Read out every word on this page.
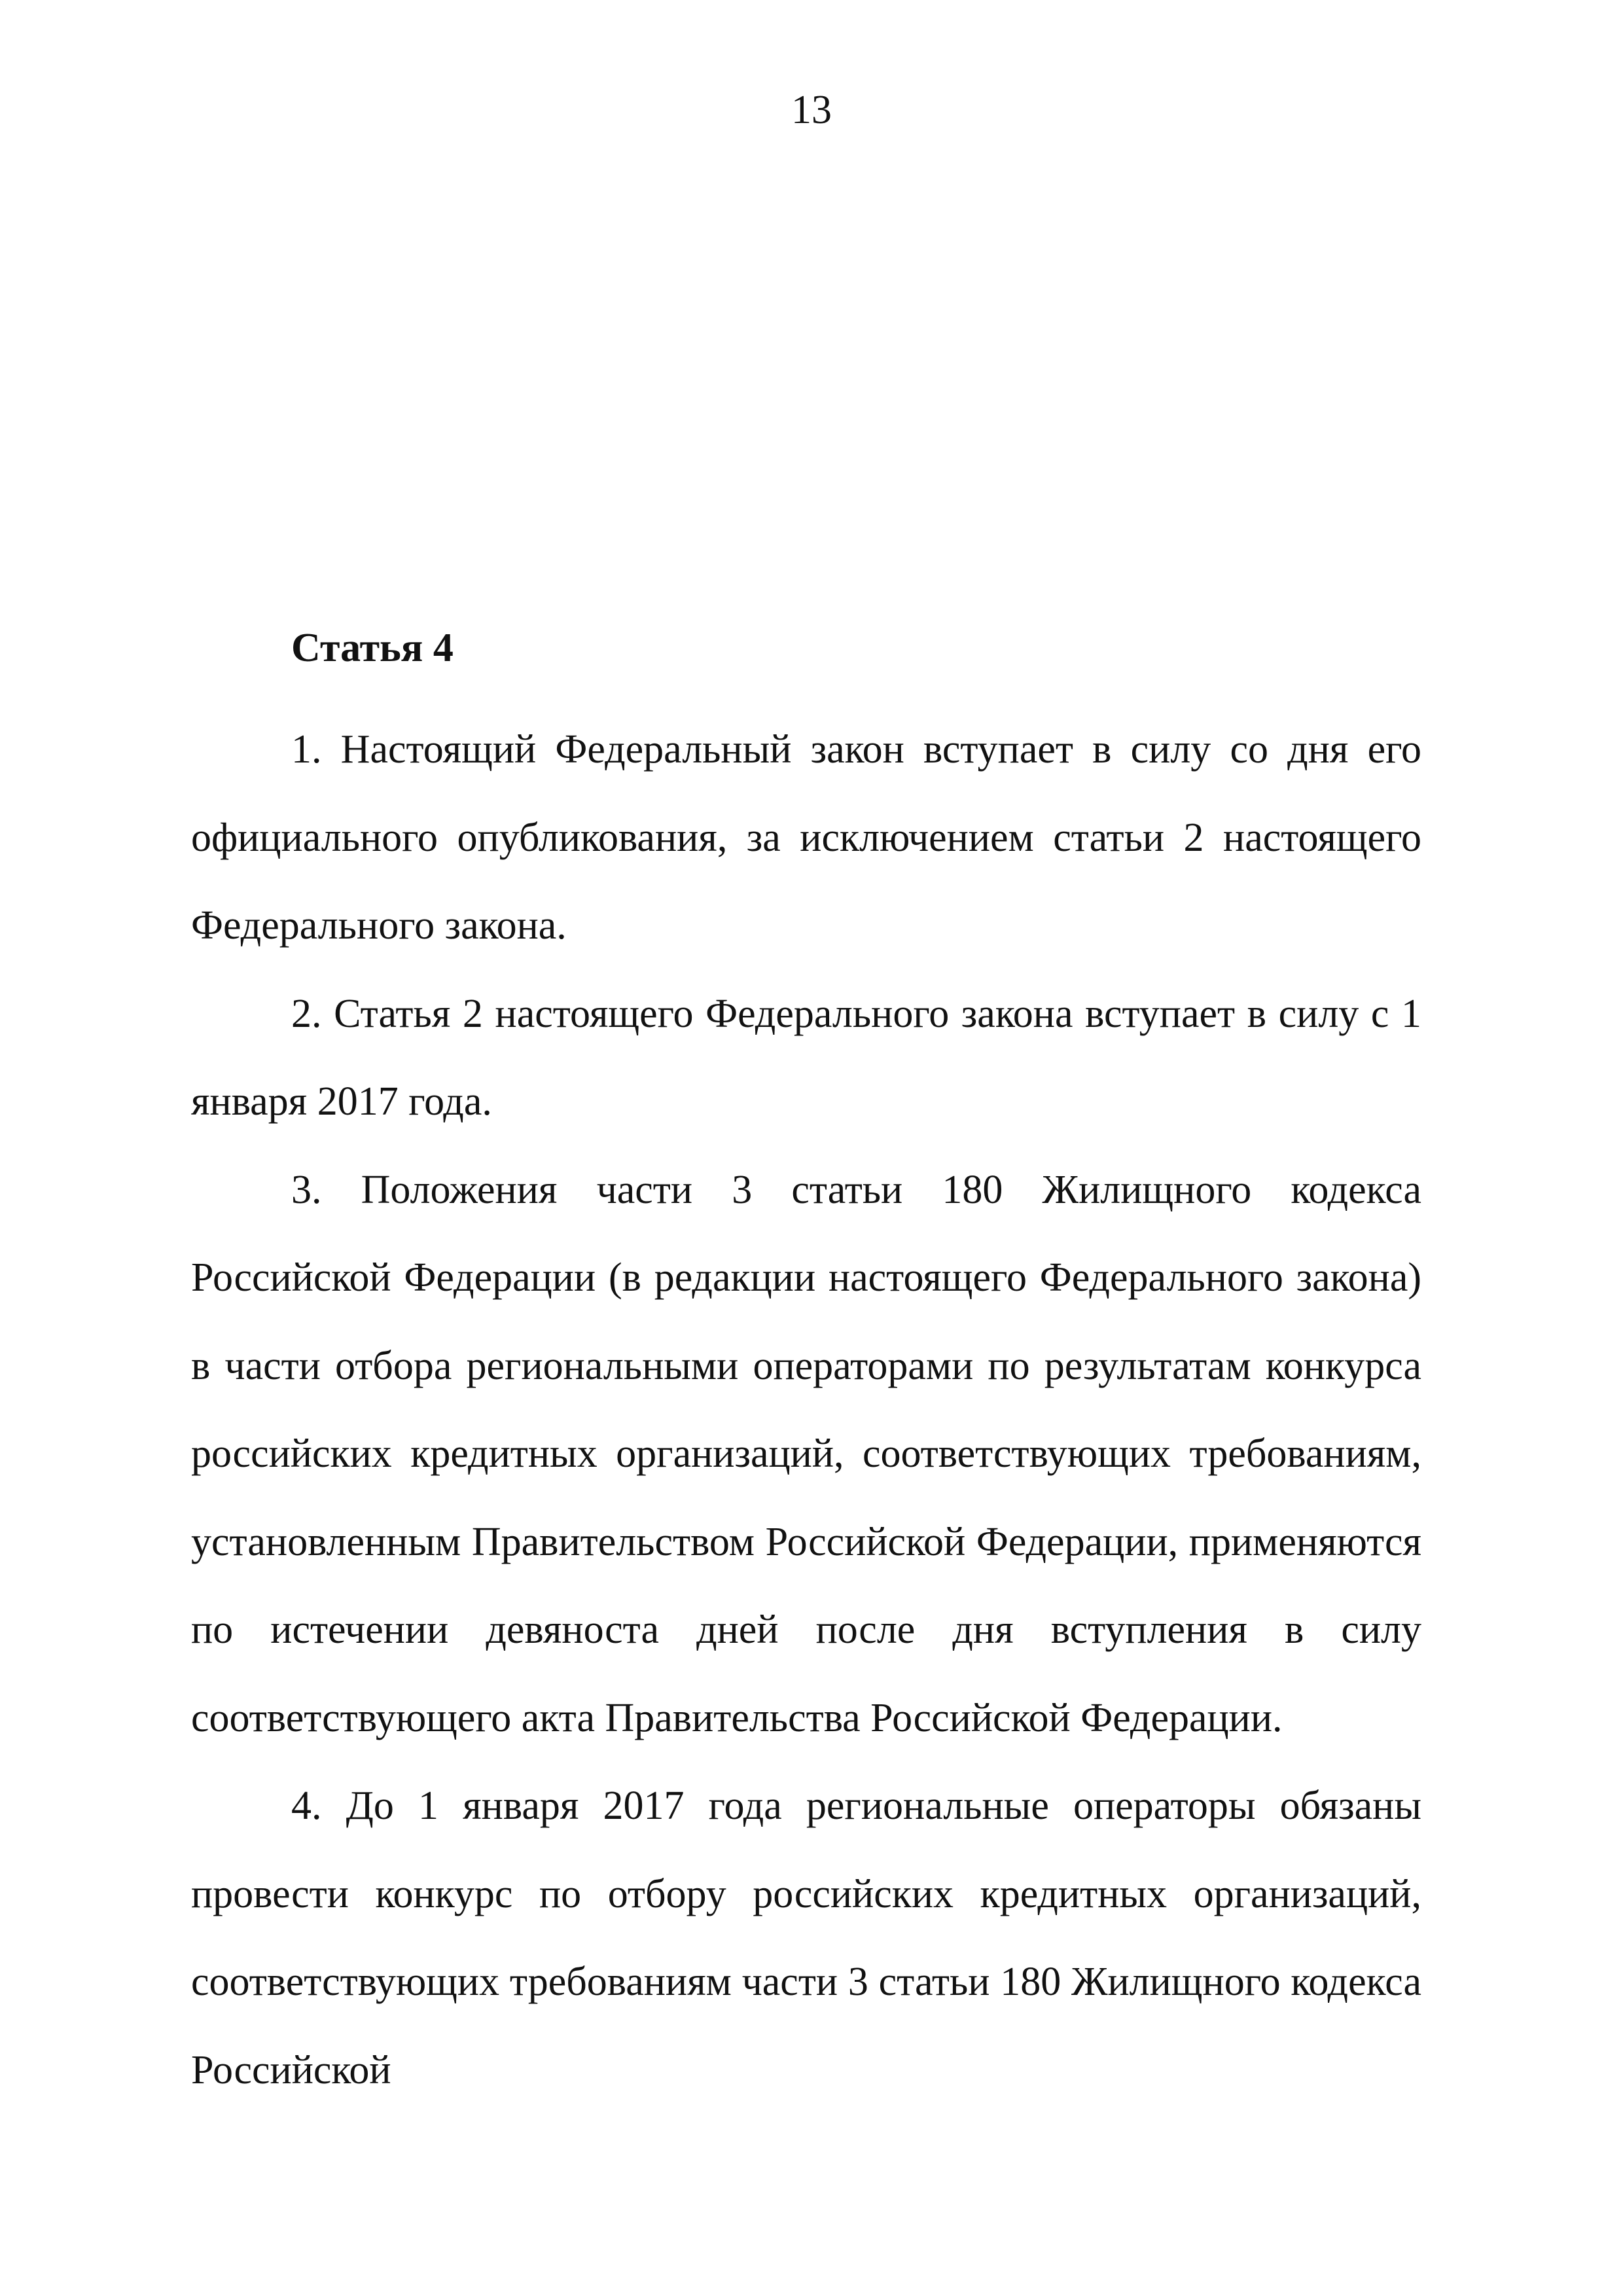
13
Статья 4

1. Настоящий Федеральный закон вступает в силу со дня его официального опубликования, за исключением статьи 2 настоящего Федерального закона.

2. Статья 2 настоящего Федерального закона вступает в силу с 1 января 2017 года.

3. Положения части 3 статьи 180 Жилищного кодекса Российской Федерации (в редакции настоящего Федерального закона) в части отбора региональными операторами по результатам конкурса российских кредитных организаций, соответствующих требованиям, установленным Правительством Российской Федерации, применяются по истечении девяноста дней после дня вступления в силу соответствующего акта Правительства Российской Федерации.

4. До 1 января 2017 года региональные операторы обязаны провести конкурс по отбору российских кредитных организаций, соответствующих требованиям части 3 статьи 180 Жилищного кодекса Российской
